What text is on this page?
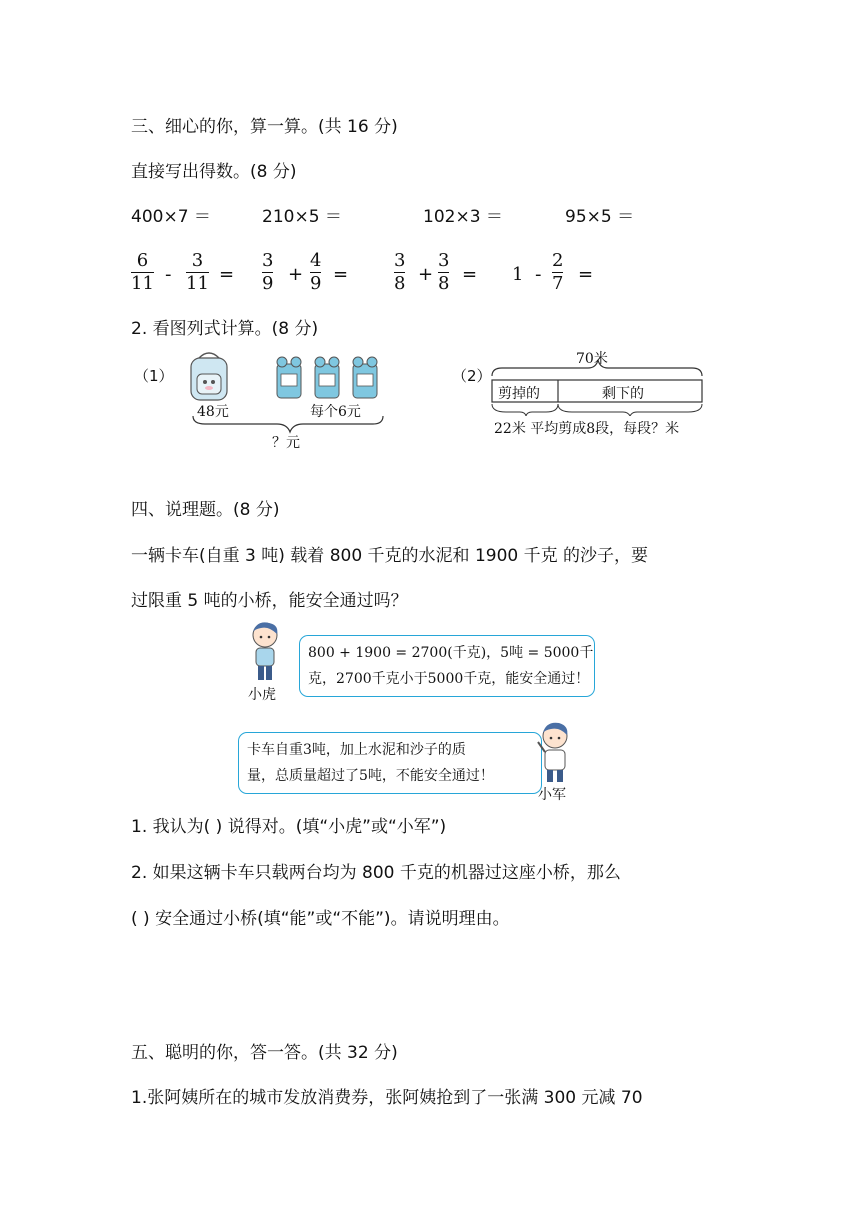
三、细心的你，算一算。(共 16 分)
直接写出得数。(8 分)
400×7 ＝	210×5 ＝	102×3 ＝	95×5 ＝
6
11 -
3
11 =
3
9 +
4
9 =
3
8 +
3
8 = 1 -
2
7 =
2. 看图列式计算。(8 分)
（1）
48元	每个6元
？元
（2）
70米
剪掉的	剩下的
22米 平均剪成8段，每段？米
四、说理题。(8 分)
一辆卡车(自重 3 吨) 载着 800 千克的水泥和 1900 千克 的沙子，要
过限重 5 吨的小桥，能安全通过吗？
小虎
800 + 1900 = 2700(千克)，5吨 = 5000千
克，2700千克小于5000千克，能安全通过！
卡车自重3吨，加上水泥和沙子的质
量，总质量超过了5吨，不能安全通过！
小军
1. 我认为( ) 说得对。(填“小虎”或“小军”)
2. 如果这辆卡车只载两台均为 800 千克的机器过这座小桥，那么
( ) 安全通过小桥(填“能”或“不能”)。请说明理由。
五、聪明的你，答一答。(共 32 分)
1.张阿姨所在的城市发放消费券，张阿姨抢到了一张满 300 元减 70
